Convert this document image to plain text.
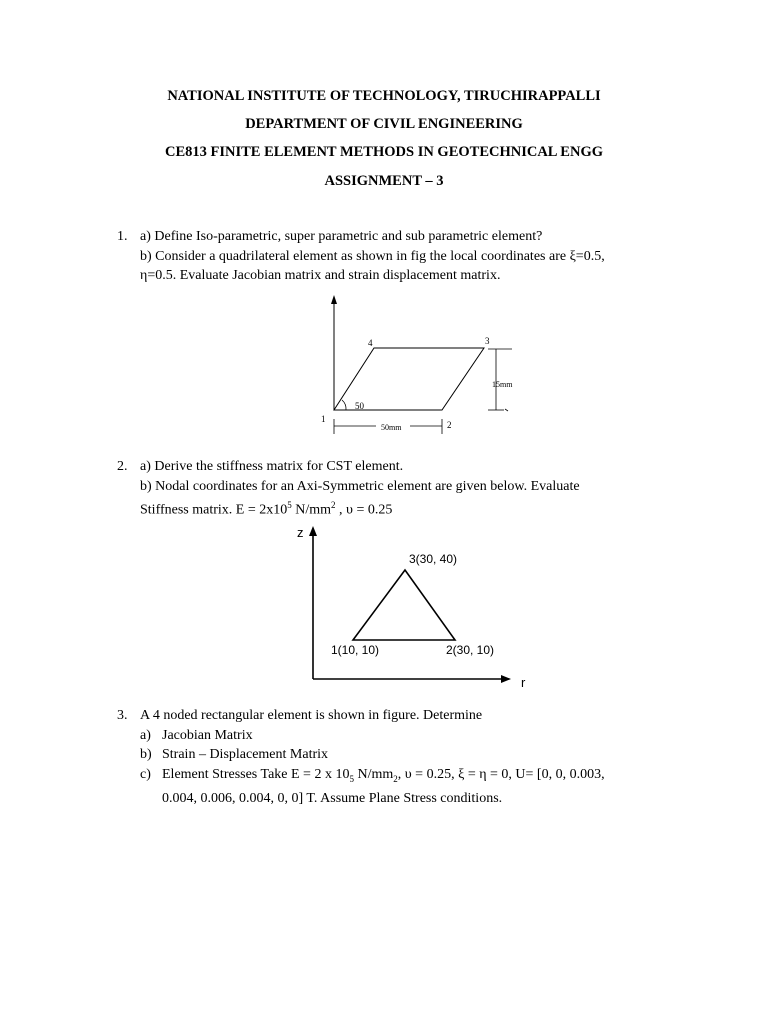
NATIONAL INSTITUTE OF TECHNOLOGY, TIRUCHIRAPPALLI
DEPARTMENT OF CIVIL ENGINEERING
CE813 FINITE ELEMENT METHODS IN GEOTECHNICAL ENGG
ASSIGNMENT – 3
1. a) Define Iso-parametric, super parametric and sub parametric element?
b) Consider a quadrilateral element as shown in fig the local coordinates are ξ=0.5,
η=0.5. Evaluate Jacobian matrix and strain displacement matrix.
4	3
1
2
50
50mm
15mm
2. a) Derive the stiffness matrix for CST element.
b) Nodal coordinates for an Axi-Symmetric element are given below. Evaluate
Stiffness matrix. $E = 2x10^5$ $N/mm^2$ , υ = 0.25
z
r
3(30, 40)
1(10, 10)	2(30, 10)
3. A 4 noded rectangular element is shown in figure. Determine
a) Jacobian Matrix
b) Strain – Displacement Matrix
c) Element Stresses Take E = 2 x $10_5$ $N/mm_2$, υ = 0.25, ξ = η = 0, U= [0, 0, 0.003,
0.004, 0.006, 0.004, 0, 0] T. Assume Plane Stress conditions.
